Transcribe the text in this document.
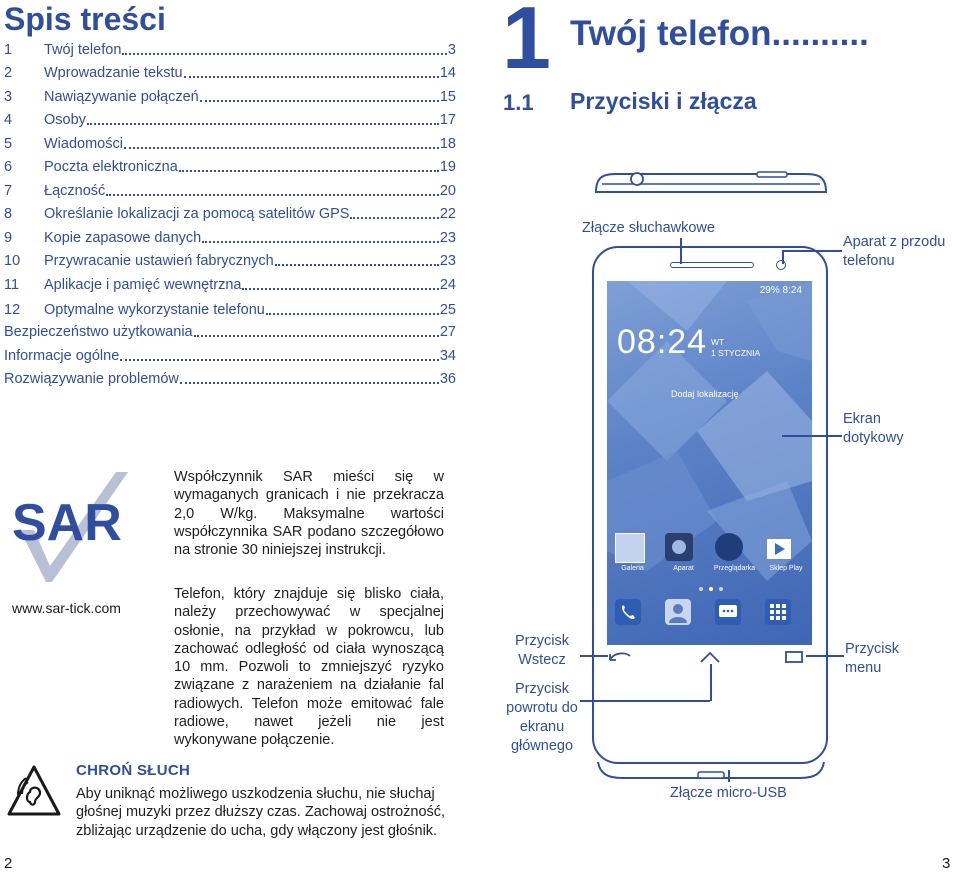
Spis treści
1	Twój telefon	3
2	Wprowadzanie tekstu	14
3	Nawiązywanie połączeń	15
4	Osoby	17
5	Wiadomości	18
6	Poczta elektroniczna	19
7	Łączność	20
8	Określanie lokalizacji za pomocą satelitów GPS	22
9	Kopie zapasowe danych	23
10	Przywracanie ustawień fabrycznych	23
11	Aplikacje i pamięć wewnętrzna	24
12	Optymalne wykorzystanie telefonu	25
Bezpieczeństwo użytkowania	27
Informacje ogólne	34
Rozwiązywanie problemów	36
SAR
www.sar-tick.com
Współczynnik SAR mieści się w wymaganych granicach i nie przekracza 2,0 W/kg. Maksymalne wartości współczynnika SAR podano szczegółowo na stronie 30 niniejszej instrukcji.
Telefon, który znajduje się blisko ciała, należy przechowywać w specjalnej osłonie, na przykład w pokrowcu, lub zachować odległość od ciała wynoszącą 10 mm. Pozwoli to zmniejszyć ryzyko związane z narażeniem na działanie fal radiowych. Telefon może emitować fale radiowe, nawet jeżeli nie jest wykonywane połączenie.
CHROŃ SŁUCH
Aby uniknąć możliwego uszkodzenia słuchu, nie słuchaj głośnej muzyki przez dłuższy czas. Zachowaj ostrożność, zbliżając urządzenie do ucha, gdy włączony jest głośnik.
2	3
1 Twój telefon..........
1.1 Przyciski i złącza
29% 8:24
08:24 WT
1 STYCZNIA
Dodaj lokalizację
Galeria	Aparat	Przeglądarka	Sklep Play
Złącze słuchawkowe
Aparat z przodu telefonu
Ekran dotykowy
Przycisk Wstecz
Przycisk powrotu do ekranu głównego
Przycisk menu
Złącze micro-USB
